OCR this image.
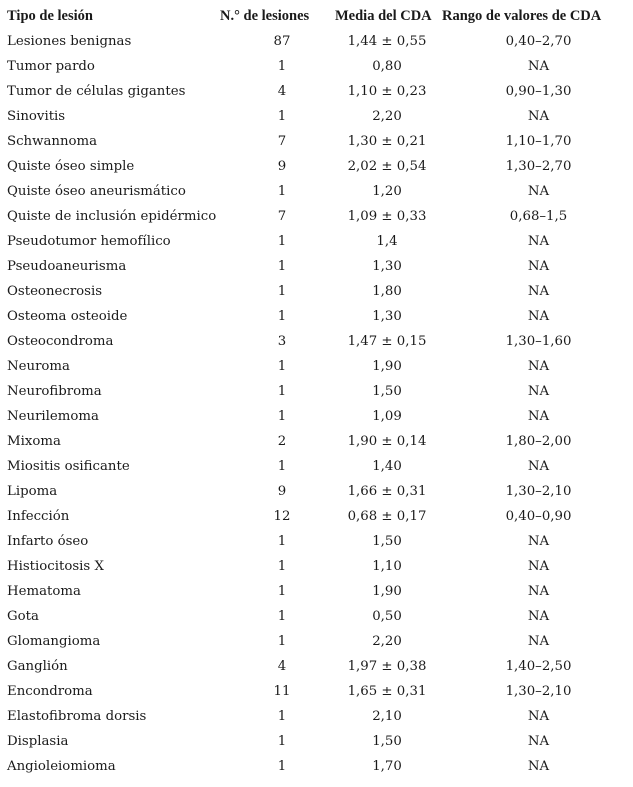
Tipo de lesión	N.° de lesiones	Media del CDA	Rango de valores de CDA
Lesiones benignas	87	1,44 ± 0,55	0,40–2,70
Tumor pardo	1	0,80	NA
Tumor de células gigantes	4	1,10 ± 0,23	0,90–1,30
Sinovitis	1	2,20	NA
Schwannoma	7	1,30 ± 0,21	1,10–1,70
Quiste óseo simple	9	2,02 ± 0,54	1,30–2,70
Quiste óseo aneurismático	1	1,20	NA
Quiste de inclusión epidérmico	7	1,09 ± 0,33	0,68–1,5
Pseudotumor hemofílico	1	1,4	NA
Pseudoaneurisma	1	1,30	NA
Osteonecrosis	1	1,80	NA
Osteoma osteoide	1	1,30	NA
Osteocondroma	3	1,47 ± 0,15	1,30–1,60
Neuroma	1	1,90	NA
Neurofibroma	1	1,50	NA
Neurilemoma	1	1,09	NA
Mixoma	2	1,90 ± 0,14	1,80–2,00
Miositis osificante	1	1,40	NA
Lipoma	9	1,66 ± 0,31	1,30–2,10
Infección	12	0,68 ± 0,17	0,40–0,90
Infarto óseo	1	1,50	NA
Histiocitosis X	1	1,10	NA
Hematoma	1	1,90	NA
Gota	1	0,50	NA
Glomangioma	1	2,20	NA
Ganglión	4	1,97 ± 0,38	1,40–2,50
Encondroma	11	1,65 ± 0,31	1,30–2,10
Elastofibroma dorsis	1	2,10	NA
Displasia	1	1,50	NA
Angioleiomioma	1	1,70	NA
